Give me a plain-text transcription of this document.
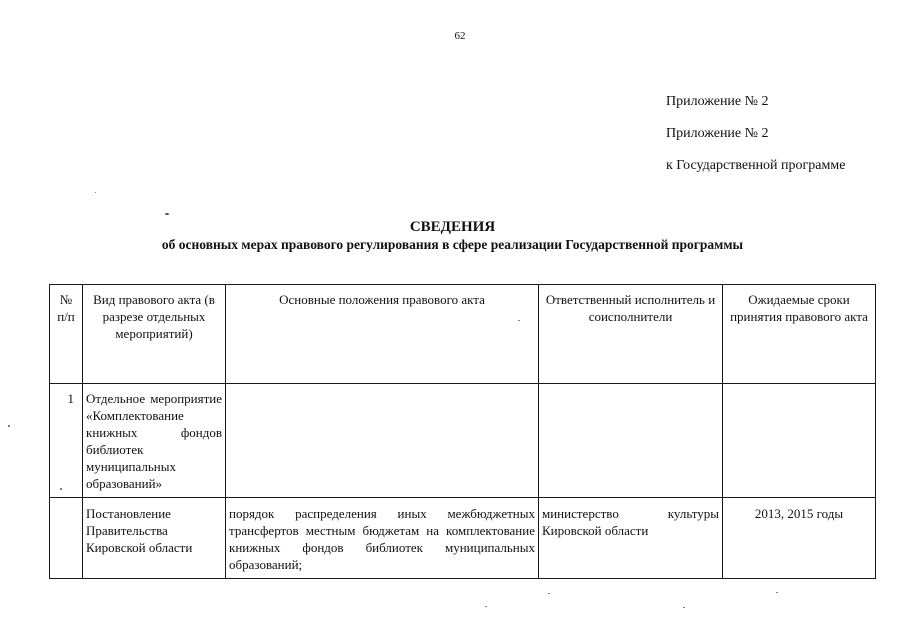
62
Приложение № 2
Приложение № 2
к Государственной программе
СВЕДЕНИЯ
об основных мерах правового регулирования в сфере реализации Государственной программы
№ п/п	Вид правового акта (в разрезе отдельных мероприятий)	Основные положения правового акта	Ответственный исполнитель и соисполнители	Ожидаемые сроки принятия правового акта
1	Отдельное мероприятие «Комплектование книжных фондов библиотек муниципальных образований»			
	Постановление Правительства Кировской области	порядок распределения иных межбюджетных трансфертов местным бюджетам на комплектование книжных фондов библиотек муниципальных образований;	министерство культуры Кировской области	2013, 2015 годы
